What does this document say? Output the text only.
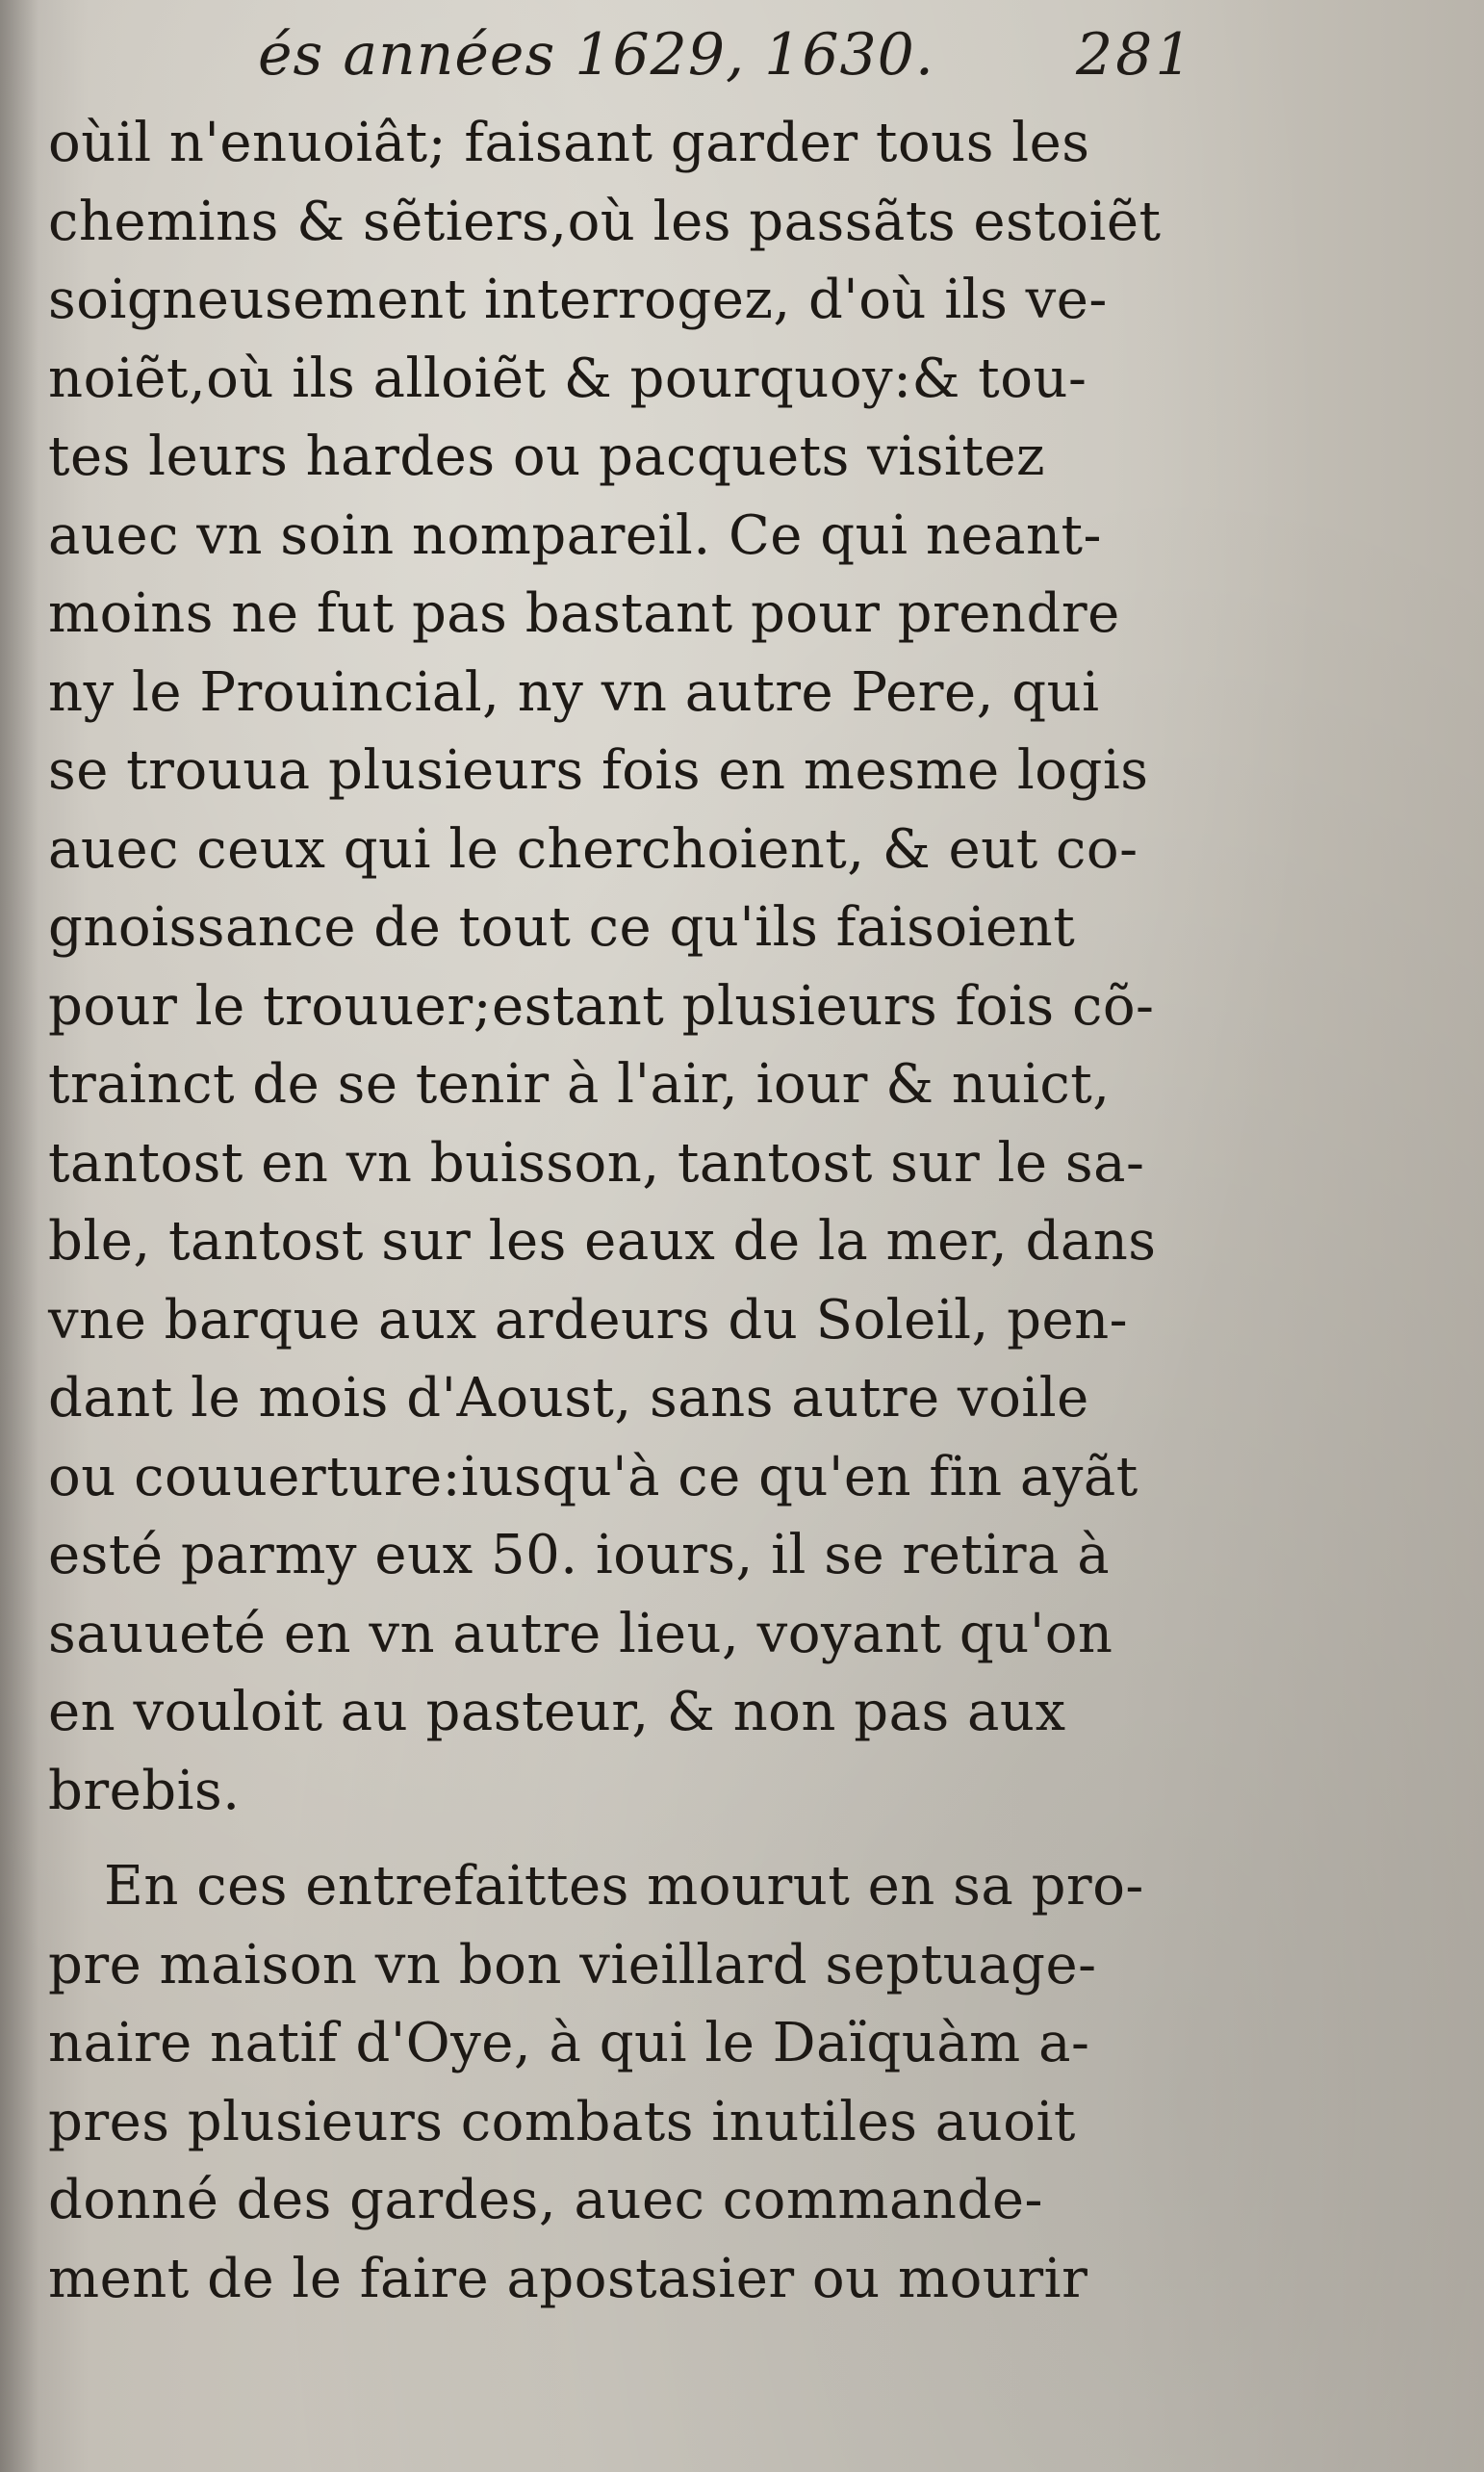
és années 1629, 1630. 281
oùil n'enuoiât; faisant garder tous les
chemins & sẽtiers,où les passãts estoiẽt
soigneusement interrogez, d'où ils ve-
noiẽt,où ils alloiẽt & pourquoy:& tou-
tes leurs hardes ou pacquets visitez
auec vn soin nompareil. Ce qui neant-
moins ne fut pas bastant pour prendre
ny le Prouincial, ny vn autre Pere, qui
se trouua plusieurs fois en mesme logis
auec ceux qui le cherchoient, & eut co-
gnoissance de tout ce qu'ils faisoient
pour le trouuer;estant plusieurs fois cõ-
trainct de se tenir à l'air, iour & nuict,
tantost en vn buisson, tantost sur le sa-
ble, tantost sur les eaux de la mer, dans
vne barque aux ardeurs du Soleil, pen-
dant le mois d'Aoust, sans autre voile
ou couuerture:iusqu'à ce qu'en fin ayãt
esté parmy eux 50. iours, il se retira à
sauueté en vn autre lieu, voyant qu'on
en vouloit au pasteur, & non pas aux
brebis.
En ces entrefaittes mourut en sa pro-
pre maison vn bon vieillard septuage-
naire natif d'Oye, à qui le Daïquàm a-
pres plusieurs combats inutiles auoit
donné des gardes, auec commande-
ment de le faire apostasier ou mourir
